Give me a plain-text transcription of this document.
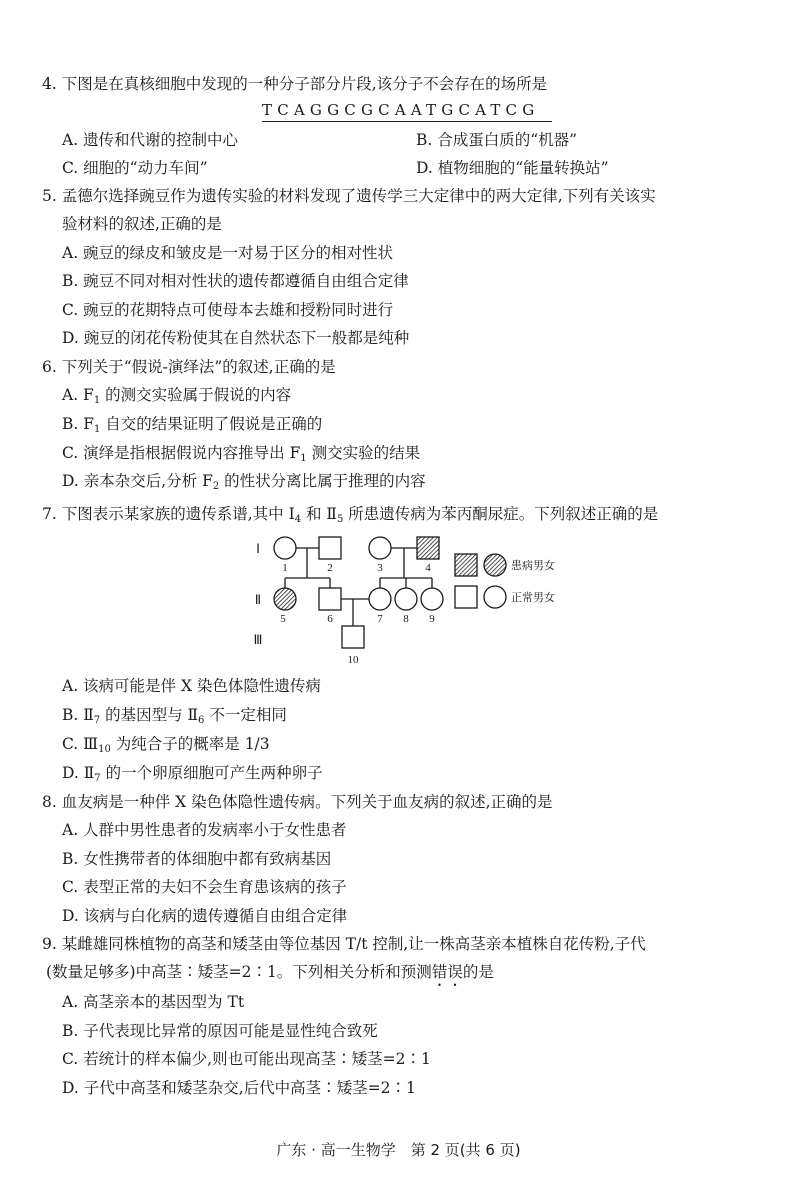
4. 下图是在真核细胞中发现的一种分子部分片段,该分子不会存在的场所是
TCAGGCGCAATGCATCG
A. 遗传和代谢的控制中心	B. 合成蛋白质的“机器”
C. 细胞的“动力车间”	D. 植物细胞的“能量转换站”
5. 孟德尔选择豌豆作为遗传实验的材料发现了遗传学三大定律中的两大定律,下列有关该实
验材料的叙述,正确的是
A. 豌豆的绿皮和皱皮是一对易于区分的相对性状
B. 豌豆不同对相对性状的遗传都遵循自由组合定律
C. 豌豆的花期特点可使母本去雄和授粉同时进行
D. 豌豆的闭花传粉使其在自然状态下一般都是纯种
6. 下列关于“假说-演绎法”的叙述,正确的是
A. $F_1$ 的测交实验属于假说的内容
B. $F_1$ 自交的结果证明了假说是正确的
C. 演绎是指根据假说内容推导出 $F_1$ 测交实验的结果
D. 亲本杂交后,分析 $F_2$ 的性状分离比属于推理的内容
7. 下图表示某家族的遗传系谱,其中 $Ⅰ_4$ 和 $Ⅱ_5$ 所患遗传病为苯丙酮尿症。下列叙述正确的是
Ⅰ
Ⅱ
Ⅲ
1	2	3	4
5	6	7 8 9
10
患病男女
正常男女
A. 该病可能是伴 X 染色体隐性遗传病
B. $Ⅱ_7$ 的基因型与 $Ⅱ_6$ 不一定相同
C. $Ⅲ_{10}$ 为纯合子的概率是 1/3
D. $Ⅱ_7$ 的一个卵原细胞可产生两种卵子
8. 血友病是一种伴 X 染色体隐性遗传病。下列关于血友病的叙述,正确的是
A. 人群中男性患者的发病率小于女性患者
B. 女性携带者的体细胞中都有致病基因
C. 表型正常的夫妇不会生育患该病的孩子
D. 该病与白化病的遗传遵循自由组合定律
9. 某雌雄同株植物的高茎和矮茎由等位基因 T/t 控制,让一株高茎亲本植株自花传粉,子代
(数量足够多)中高茎∶矮茎=2∶1。下列相关分析和预测错误的是
A. 高茎亲本的基因型为 Tt
B. 子代表现比异常的原因可能是显性纯合致死
C. 若统计的样本偏少,则也可能出现高茎∶矮茎=2∶1
D. 子代中高茎和矮茎杂交,后代中高茎∶矮茎=2∶1
广东 · 高一生物学　第 2 页(共 6 页)
